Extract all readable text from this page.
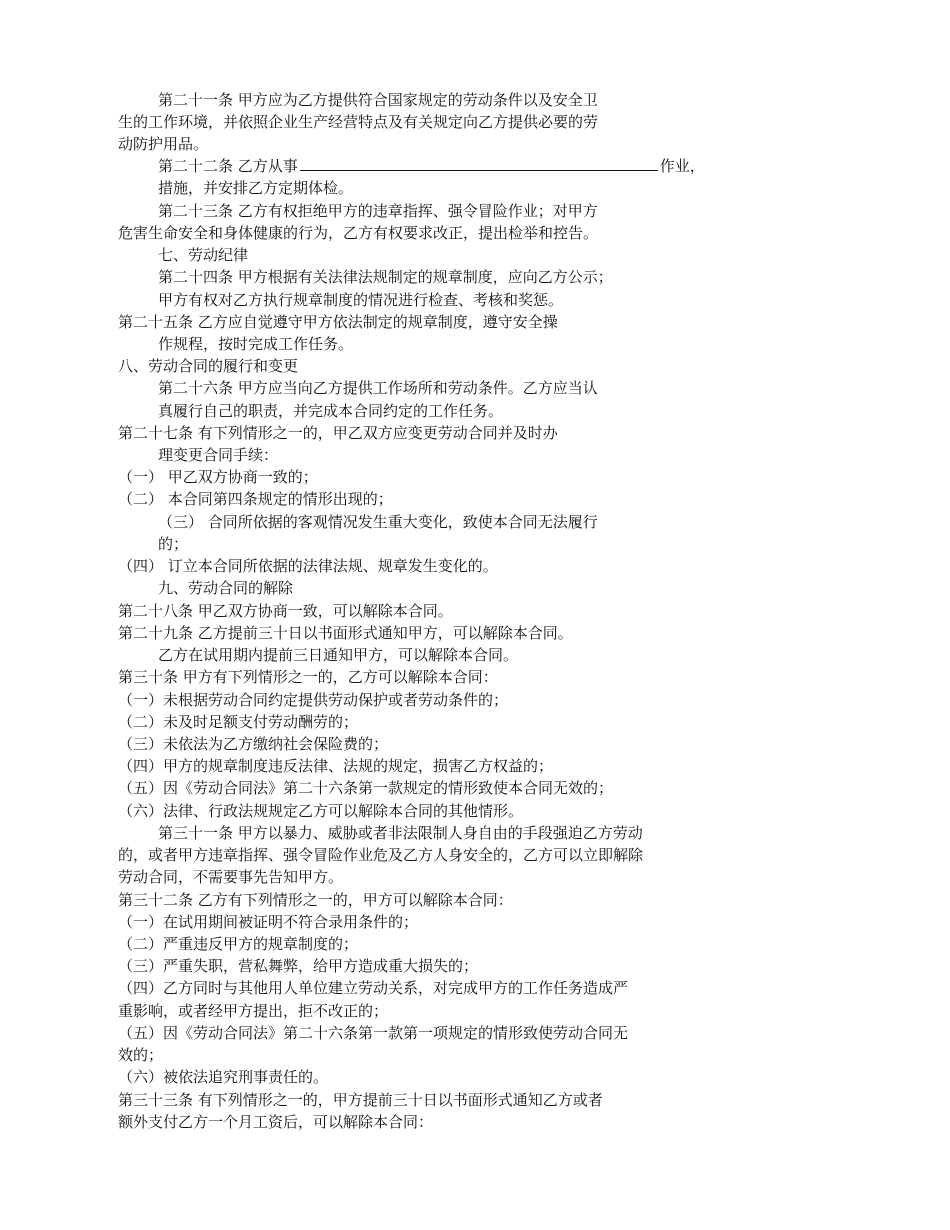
第二十一条 甲方应为乙方提供符合国家规定的劳动条件以及安全卫
生的工作环境，并依照企业生产经营特点及有关规定向乙方提供必要的劳
动防护用品。
第二十二条 乙方从事	作业，
措施，并安排乙方定期体检。
第二十三条 乙方有权拒绝甲方的违章指挥、强令冒险作业；对甲方
危害生命安全和身体健康的行为，乙方有权要求改正，提出检举和控告。
七、劳动纪律
第二十四条 甲方根据有关法律法规制定的规章制度，应向乙方公示；
甲方有权对乙方执行规章制度的情况进行检查、考核和奖惩。
第二十五条 乙方应自觉遵守甲方依法制定的规章制度，遵守安全操
作规程，按时完成工作任务。
八、劳动合同的履行和变更
第二十六条 甲方应当向乙方提供工作场所和劳动条件。乙方应当认
真履行自己的职责，并完成本合同约定的工作任务。
第二十七条 有下列情形之一的，甲乙双方应变更劳动合同并及时办
理变更合同手续：
（一） 甲乙双方协商一致的；
（二） 本合同第四条规定的情形出现的；
（三） 合同所依据的客观情况发生重大变化，致使本合同无法履行
的；
（四） 订立本合同所依据的法律法规、规章发生变化的。
九、劳动合同的解除
第二十八条 甲乙双方协商一致，可以解除本合同。
第二十九条 乙方提前三十日以书面形式通知甲方，可以解除本合同。
乙方在试用期内提前三日通知甲方，可以解除本合同。
第三十条 甲方有下列情形之一的，乙方可以解除本合同：
（一）未根据劳动合同约定提供劳动保护或者劳动条件的；
（二）未及时足额支付劳动酬劳的；
（三）未依法为乙方缴纳社会保险费的；
（四）甲方的规章制度违反法律、法规的规定，损害乙方权益的；
（五）因《劳动合同法》第二十六条第一款规定的情形致使本合同无效的；
（六）法律、行政法规规定乙方可以解除本合同的其他情形。
第三十一条 甲方以暴力、威胁或者非法限制人身自由的手段强迫乙方劳动
的，或者甲方违章指挥、强令冒险作业危及乙方人身安全的，乙方可以立即解除
劳动合同，不需要事先告知甲方。
第三十二条 乙方有下列情形之一的，甲方可以解除本合同：
（一）在试用期间被证明不符合录用条件的；
（二）严重违反甲方的规章制度的；
（三）严重失职，营私舞弊，给甲方造成重大损失的；
（四）乙方同时与其他用人单位建立劳动关系，对完成甲方的工作任务造成严
重影响，或者经甲方提出，拒不改正的；
（五）因《劳动合同法》第二十六条第一款第一项规定的情形致使劳动合同无
效的；
（六）被依法追究刑事责任的。
第三十三条 有下列情形之一的，甲方提前三十日以书面形式通知乙方或者
额外支付乙方一个月工资后，可以解除本合同：
